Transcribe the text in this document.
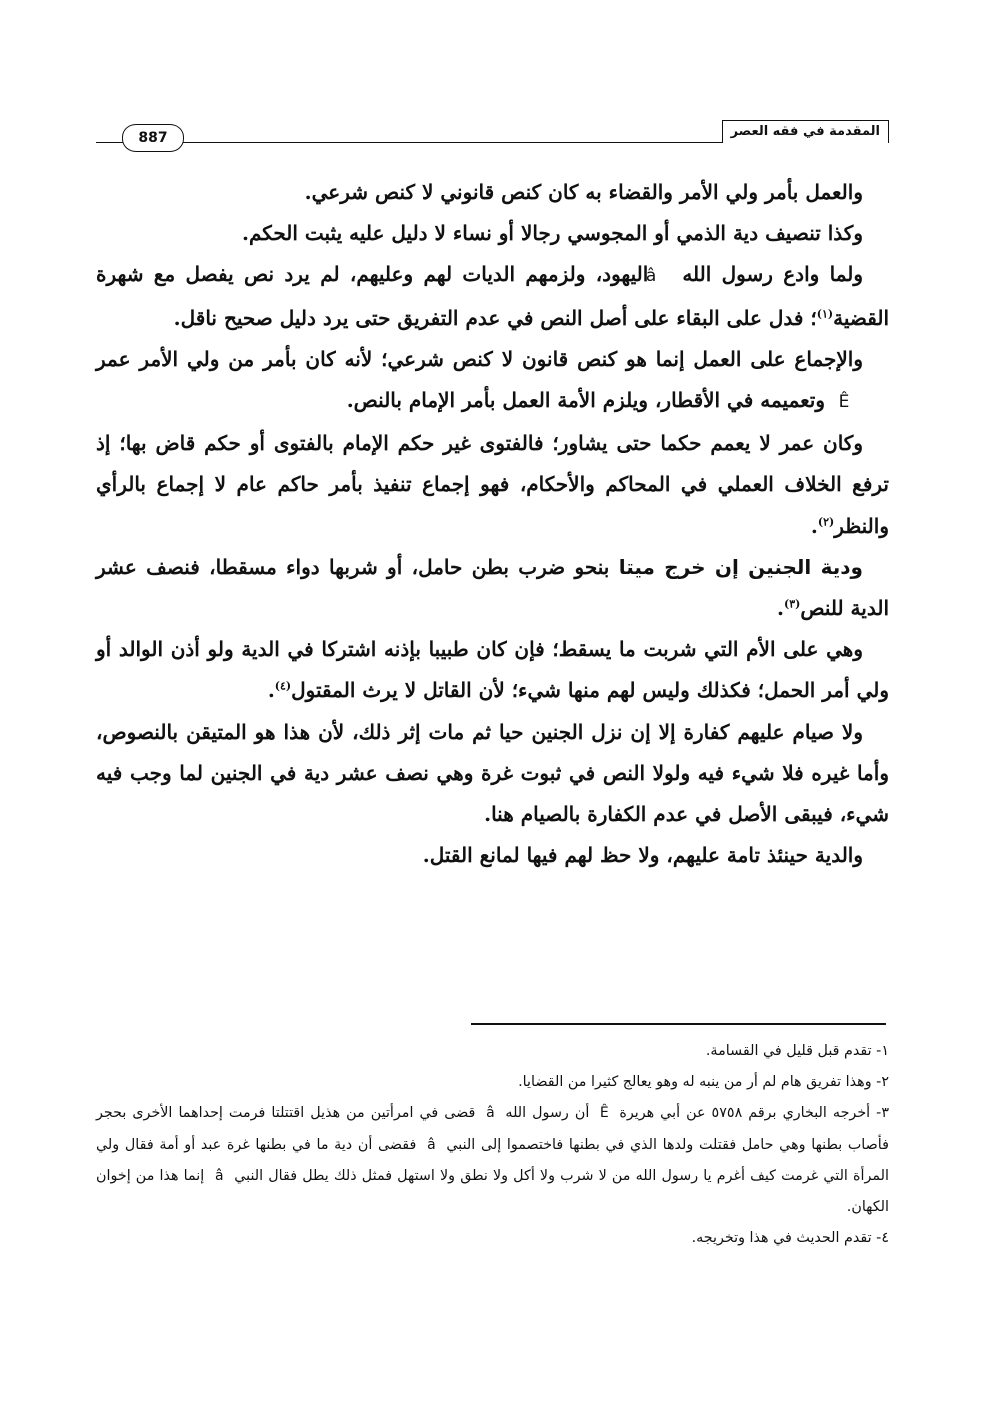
المقدمة في فقه العصر
887

والعمل بأمر ولي الأمر والقضاء به كان كنص قانوني لا كنص شرعي.

وكذا تنصيف دية الذمي أو المجوسي رجالا أو نساء لا دليل عليه يثبت الحكم.

ولما وادع رسول اللهâاليهود، ولزمهم الديات لهم وعليهم، لم يرد نص يفصل مع شهرة القضية$^{(١)}$؛ فدل على البقاء على أصل النص في عدم التفريق حتى يرد دليل صحيح ناقل.

والإجماع على العمل إنما هو كنص قانون لا كنص شرعي؛ لأنه كان بأمر من ولي الأمر عمرÊوتعميمه في الأقطار، ويلزم الأمة العمل بأمر الإمام بالنص.

وكان عمر لا يعمم حكما حتى يشاور؛ فالفتوى غير حكم الإمام بالفتوى أو حكم قاض بها؛ إذ ترفع الخلاف العملي في المحاكم والأحكام، فهو إجماع تنفيذ بأمر حاكم عام لا إجماع بالرأي والنظر$^{(٢)}$.

ودية الجنين إن خرج ميتا بنحو ضرب بطن حامل، أو شربها دواء مسقطا، فنصف عشر الدية للنص$^{(٣)}$.

وهي على الأم التي شربت ما يسقط؛ فإن كان طبيبا بإذنه اشتركا في الدية ولو أذن الوالد أو ولي أمر الحمل؛ فكذلك وليس لهم منها شيء؛ لأن القاتل لا يرث المقتول$^{(٤)}$.

ولا صيام عليهم كفارة إلا إن نزل الجنين حيا ثم مات إثر ذلك، لأن هذا هو المتيقن بالنصوص، وأما غيره فلا شيء فيه ولولا النص في ثبوت غرة وهي نصف عشر دية في الجنين لما وجب فيه شيء، فيبقى الأصل في عدم الكفارة بالصيام هنا.

والدية حينئذ تامة عليهم، ولا حظ لهم فيها لمانع القتل.

١- تقدم قبل قليل في القسامة.

٢- وهذا تفريق هام لم أر من ينبه له وهو يعالج كثيرا من القضايا.

٣- أخرجه البخاري برقم ٥٧٥٨ عن أبي هريرةÊأن رسول اللهâقضى في امرأتين من هذيل اقتتلتا فرمت إحداهما الأخرى بحجر فأصاب بطنها وهي حامل فقتلت ولدها الذي في بطنها فاختصموا إلى النبيâفقضى أن دية ما في بطنها غرة عبد أو أمة فقال ولي المرأة التي غرمت كيف أغرم يا رسول الله من لا شرب ولا أكل ولا نطق ولا استهل فمثل ذلك يطل فقال النبيâإنما هذا من إخوان الكهان.

٤- تقدم الحديث في هذا وتخريجه.
